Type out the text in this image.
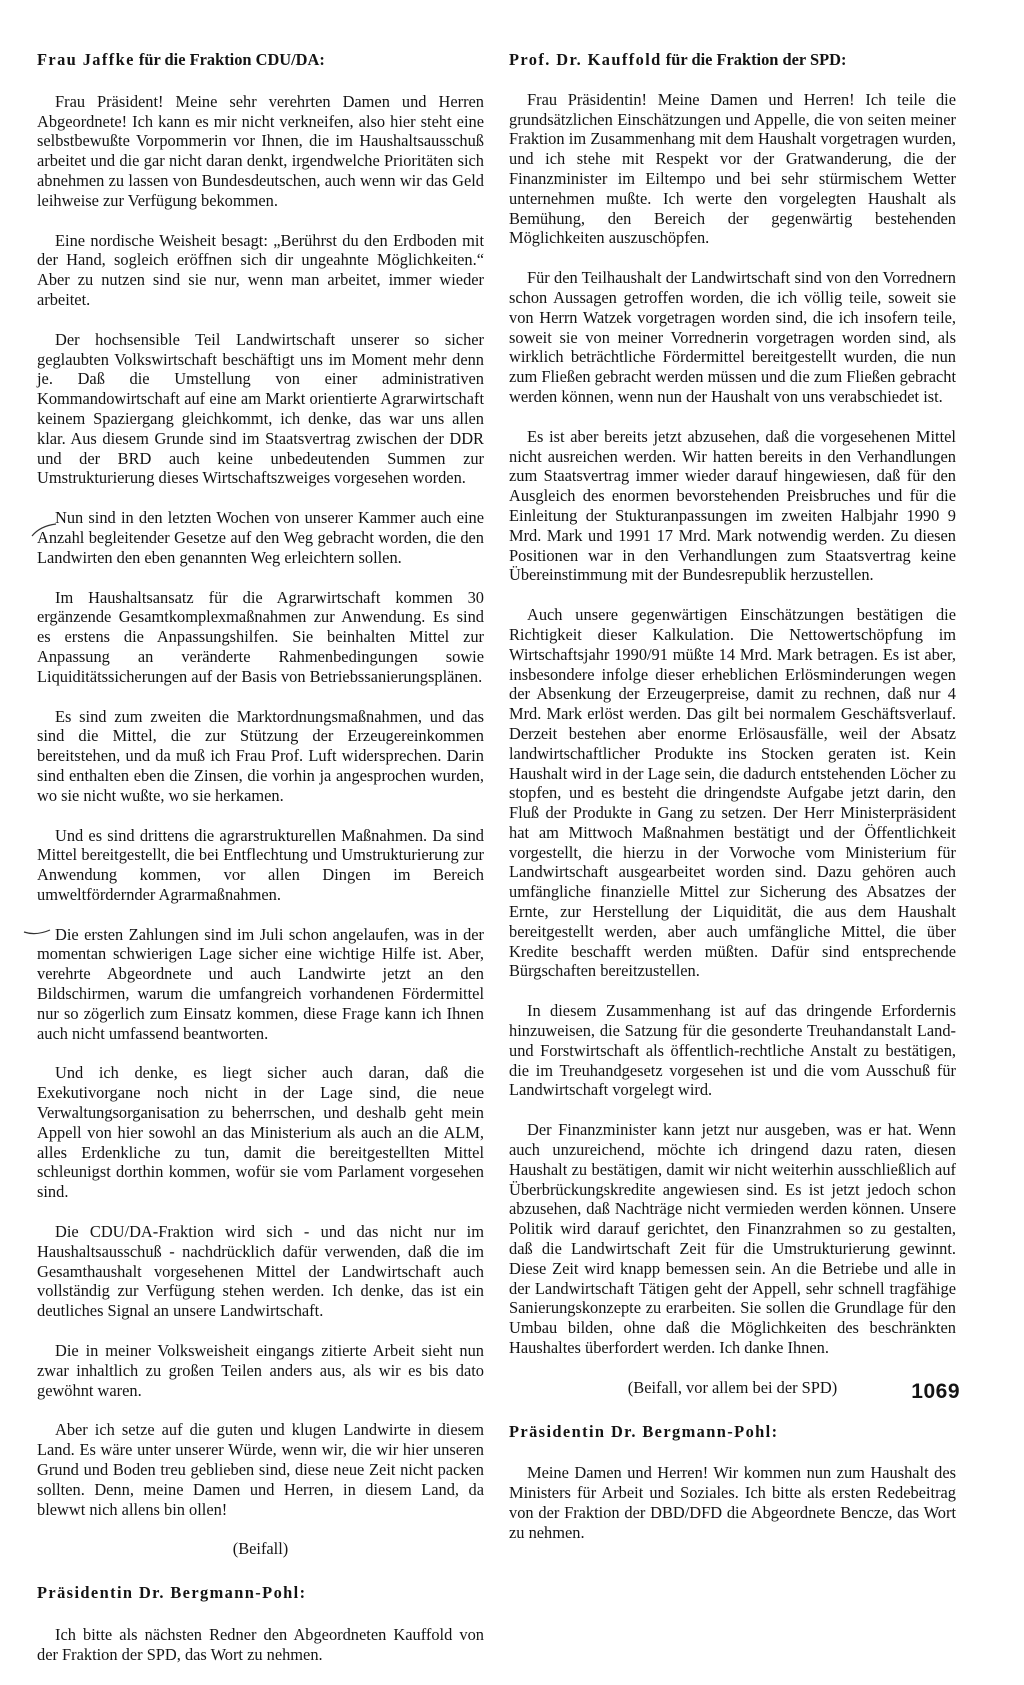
Frau Jaffke für die Fraktion CDU/DA:

Frau Präsident! Meine sehr verehrten Damen und Herren Abgeordnete! Ich kann es mir nicht verkneifen, also hier steht eine selbstbewußte Vorpommerin vor Ihnen, die im Haushaltsausschuß arbeitet und die gar nicht daran denkt, irgendwelche Prioritäten sich abnehmen zu lassen von Bundesdeutschen, auch wenn wir das Geld leihweise zur Verfügung bekommen.

Eine nordische Weisheit besagt: „Berührst du den Erdboden mit der Hand, sogleich eröffnen sich dir ungeahnte Möglichkeiten.“ Aber zu nutzen sind sie nur, wenn man arbeitet, immer wieder arbeitet.

Der hochsensible Teil Landwirtschaft unserer so sicher geglaubten Volkswirtschaft beschäftigt uns im Moment mehr denn je. Daß die Umstellung von einer administrativen Kommandowirtschaft auf eine am Markt orientierte Agrarwirtschaft keinem Spaziergang gleichkommt, ich denke, das war uns allen klar. Aus diesem Grunde sind im Staatsvertrag zwischen der DDR und der BRD auch keine unbedeutenden Summen zur Umstrukturierung dieses Wirtschaftszweiges vorgesehen worden.

Nun sind in den letzten Wochen von unserer Kammer auch eine Anzahl begleitender Gesetze auf den Weg gebracht worden, die den Landwirten den eben genannten Weg erleichtern sollen.

Im Haushaltsansatz für die Agrarwirtschaft kommen 30 ergänzende Gesamtkomplexmaßnahmen zur Anwendung. Es sind es erstens die Anpassungshilfen. Sie beinhalten Mittel zur Anpassung an veränderte Rahmenbedingungen sowie Liquiditätssicherungen auf der Basis von Betriebssanierungsplänen.

Es sind zum zweiten die Marktordnungsmaßnahmen, und das sind die Mittel, die zur Stützung der Erzeugereinkommen bereitstehen, und da muß ich Frau Prof. Luft widersprechen. Darin sind enthalten eben die Zinsen, die vorhin ja angesprochen wurden, wo sie nicht wußte, wo sie herkamen.

Und es sind drittens die agrarstrukturellen Maßnahmen. Da sind Mittel bereitgestellt, die bei Entflechtung und Umstrukturierung zur Anwendung kommen, vor allen Dingen im Bereich umweltfördernder Agrarmaßnahmen.

Die ersten Zahlungen sind im Juli schon angelaufen, was in der momentan schwierigen Lage sicher eine wichtige Hilfe ist. Aber, verehrte Abgeordnete und auch Landwirte jetzt an den Bildschirmen, warum die umfangreich vorhandenen Fördermittel nur so zögerlich zum Einsatz kommen, diese Frage kann ich Ihnen auch nicht umfassend beantworten.

Und ich denke, es liegt sicher auch daran, daß die Exekutivorgane noch nicht in der Lage sind, die neue Verwaltungsorganisation zu beherrschen, und deshalb geht mein Appell von hier sowohl an das Ministerium als auch an die ALM, alles Erdenkliche zu tun, damit die bereitgestellten Mittel schleunigst dorthin kommen, wofür sie vom Parlament vorgesehen sind.

Die CDU/DA-Fraktion wird sich - und das nicht nur im Haushaltsausschuß - nachdrücklich dafür verwenden, daß die im Gesamthaushalt vorgesehenen Mittel der Landwirtschaft auch vollständig zur Verfügung stehen werden. Ich denke, das ist ein deutliches Signal an unsere Landwirtschaft.

Die in meiner Volksweisheit eingangs zitierte Arbeit sieht nun zwar inhaltlich zu großen Teilen anders aus, als wir es bis dato gewöhnt waren.

Aber ich setze auf die guten und klugen Landwirte in diesem Land. Es wäre unter unserer Würde, wenn wir, die wir hier unseren Grund und Boden treu geblieben sind, diese neue Zeit nicht packen sollten. Denn, meine Damen und Herren, in diesem Land, da blewwt nich allens bin ollen!

(Beifall)
Präsidentin Dr. Bergmann-Pohl:

Ich bitte als nächsten Redner den Abgeordneten Kauffold von der Fraktion der SPD, das Wort zu nehmen.

Prof. Dr. Kauffold für die Fraktion der SPD:

Frau Präsidentin! Meine Damen und Herren! Ich teile die grundsätzlichen Einschätzungen und Appelle, die von seiten meiner Fraktion im Zusammenhang mit dem Haushalt vorgetragen wurden, und ich stehe mit Respekt vor der Gratwanderung, die der Finanzminister im Eiltempo und bei sehr stürmischem Wetter unternehmen mußte. Ich werte den vorgelegten Haushalt als Bemühung, den Bereich der gegenwärtig bestehenden Möglichkeiten auszuschöpfen.

Für den Teilhaushalt der Landwirtschaft sind von den Vorrednern schon Aussagen getroffen worden, die ich völlig teile, soweit sie von Herrn Watzek vorgetragen worden sind, die ich insofern teile, soweit sie von meiner Vorrednerin vorgetragen worden sind, als wirklich beträchtliche Fördermittel bereitgestellt wurden, die nun zum Fließen gebracht werden müssen und die zum Fließen gebracht werden können, wenn nun der Haushalt von uns verabschiedet ist.

Es ist aber bereits jetzt abzusehen, daß die vorgesehenen Mittel nicht ausreichen werden. Wir hatten bereits in den Verhandlungen zum Staatsvertrag immer wieder darauf hingewiesen, daß für den Ausgleich des enormen bevorstehenden Preisbruches und für die Einleitung der Stukturanpassungen im zweiten Halbjahr 1990 9 Mrd. Mark und 1991 17 Mrd. Mark notwendig werden. Zu diesen Positionen war in den Verhandlungen zum Staatsvertrag keine Übereinstimmung mit der Bundesrepublik herzustellen.

Auch unsere gegenwärtigen Einschätzungen bestätigen die Richtigkeit dieser Kalkulation. Die Nettowertschöpfung im Wirtschaftsjahr 1990/91 müßte 14 Mrd. Mark betragen. Es ist aber, insbesondere infolge dieser erheblichen Erlösminderungen wegen der Absenkung der Erzeugerpreise, damit zu rechnen, daß nur 4 Mrd. Mark erlöst werden. Das gilt bei normalem Geschäftsverlauf. Derzeit bestehen aber enorme Erlösausfälle, weil der Absatz landwirtschaftlicher Produkte ins Stocken geraten ist. Kein Haushalt wird in der Lage sein, die dadurch entstehenden Löcher zu stopfen, und es besteht die dringendste Aufgabe jetzt darin, den Fluß der Produkte in Gang zu setzen. Der Herr Ministerpräsident hat am Mittwoch Maßnahmen bestätigt und der Öffentlichkeit vorgestellt, die hierzu in der Vorwoche vom Ministerium für Landwirtschaft ausgearbeitet worden sind. Dazu gehören auch umfängliche finanzielle Mittel zur Sicherung des Absatzes der Ernte, zur Herstellung der Liquidität, die aus dem Haushalt bereitgestellt werden, aber auch umfängliche Mittel, die über Kredite beschafft werden müßten. Dafür sind entsprechende Bürgschaften bereitzustellen.

In diesem Zusammenhang ist auf das dringende Erfordernis hinzuweisen, die Satzung für die gesonderte Treuhandanstalt Land- und Forstwirtschaft als öffentlich-rechtliche Anstalt zu bestätigen, die im Treuhandgesetz vorgesehen ist und die vom Ausschuß für Landwirtschaft vorgelegt wird.

Der Finanzminister kann jetzt nur ausgeben, was er hat. Wenn auch unzureichend, möchte ich dringend dazu raten, diesen Haushalt zu bestätigen, damit wir nicht weiterhin ausschließlich auf Überbrückungskredite angewiesen sind. Es ist jetzt jedoch schon abzusehen, daß Nachträge nicht vermieden werden können. Unsere Politik wird darauf gerichtet, den Finanzrahmen so zu gestalten, daß die Landwirtschaft Zeit für die Umstrukturierung gewinnt. Diese Zeit wird knapp bemessen sein. An die Betriebe und alle in der Landwirtschaft Tätigen geht der Appell, sehr schnell tragfähige Sanierungskonzepte zu erarbeiten. Sie sollen die Grundlage für den Umbau bilden, ohne daß die Möglichkeiten des beschränkten Haushaltes überfordert werden. Ich danke Ihnen.

(Beifall, vor allem bei der SPD)
Präsidentin Dr. Bergmann-Pohl:

Meine Damen und Herren! Wir kommen nun zum Haushalt des Ministers für Arbeit und Soziales. Ich bitte als ersten Redebeitrag von der Fraktion der DBD/DFD die Abgeordnete Bencze, das Wort zu nehmen.

1069
